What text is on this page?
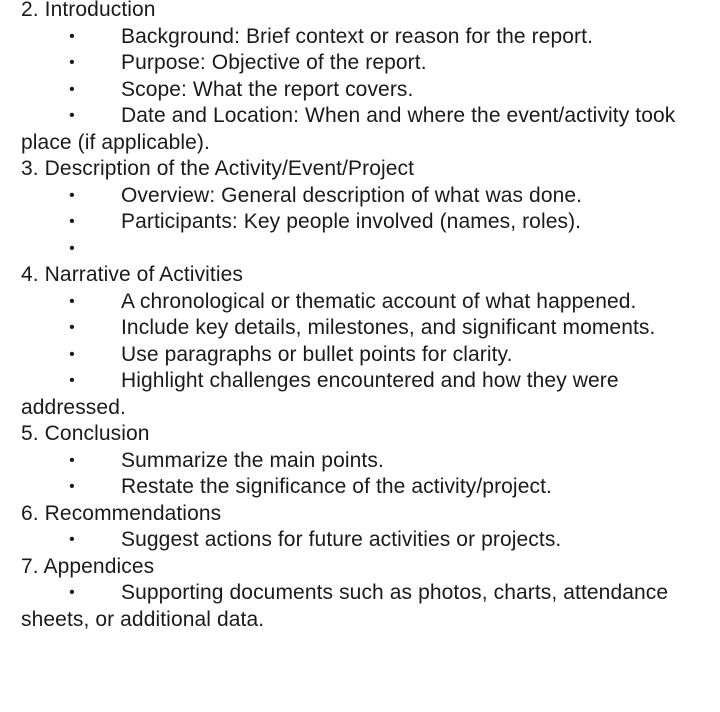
2. Introduction

• Background: Brief context or reason for the report.

• Purpose: Objective of the report.

• Scope: What the report covers.

• Date and Location: When and where the event/activity took place (if applicable).

3. Description of the Activity/Event/Project

• Overview: General description of what was done.

• Participants: Key people involved (names, roles).

•

4. Narrative of Activities

• A chronological or thematic account of what happened.

• Include key details, milestones, and significant moments.

• Use paragraphs or bullet points for clarity.

• Highlight challenges encountered and how they were addressed.

5. Conclusion

• Summarize the main points.

• Restate the significance of the activity/project.

6. Recommendations

• Suggest actions for future activities or projects.

7. Appendices

• Supporting documents such as photos, charts, attendance sheets, or additional data.
